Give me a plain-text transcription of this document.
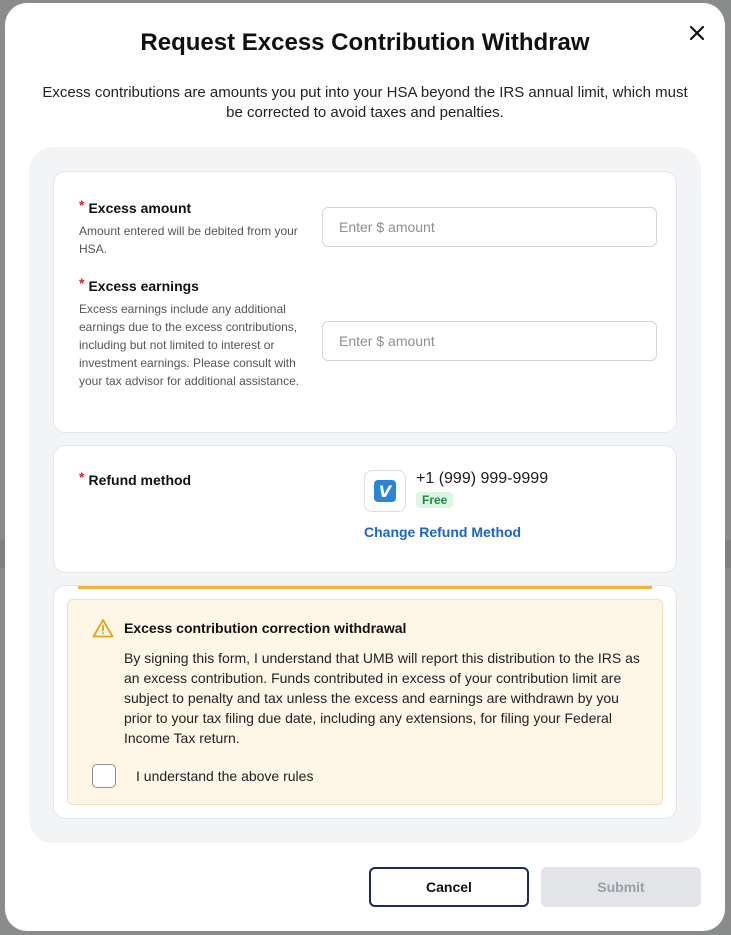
Request Excess Contribution Withdraw

Excess contributions are amounts you put into your HSA beyond the IRS annual limit, which must be corrected to avoid taxes and penalties.

* Excess amount
Amount entered will be debited from your HSA.
Enter $ amount
* Excess earnings
Excess earnings include any additional earnings due to the excess contributions, including but not limited to interest or investment earnings. Please consult with your tax advisor for additional assistance.
Enter $ amount
* Refund method
V
+1 (999) 999-9999
Free
Change Refund Method
Excess contribution correction withdrawal
By signing this form, I understand that UMB will report this distribution to the IRS as an excess contribution. Funds contributed in excess of your contribution limit are subject to penalty and tax unless the excess and earnings are withdrawn by you prior to your tax filing due date, including any extensions, for filing your Federal Income Tax return.
I understand the above rules
Cancel	Submit
